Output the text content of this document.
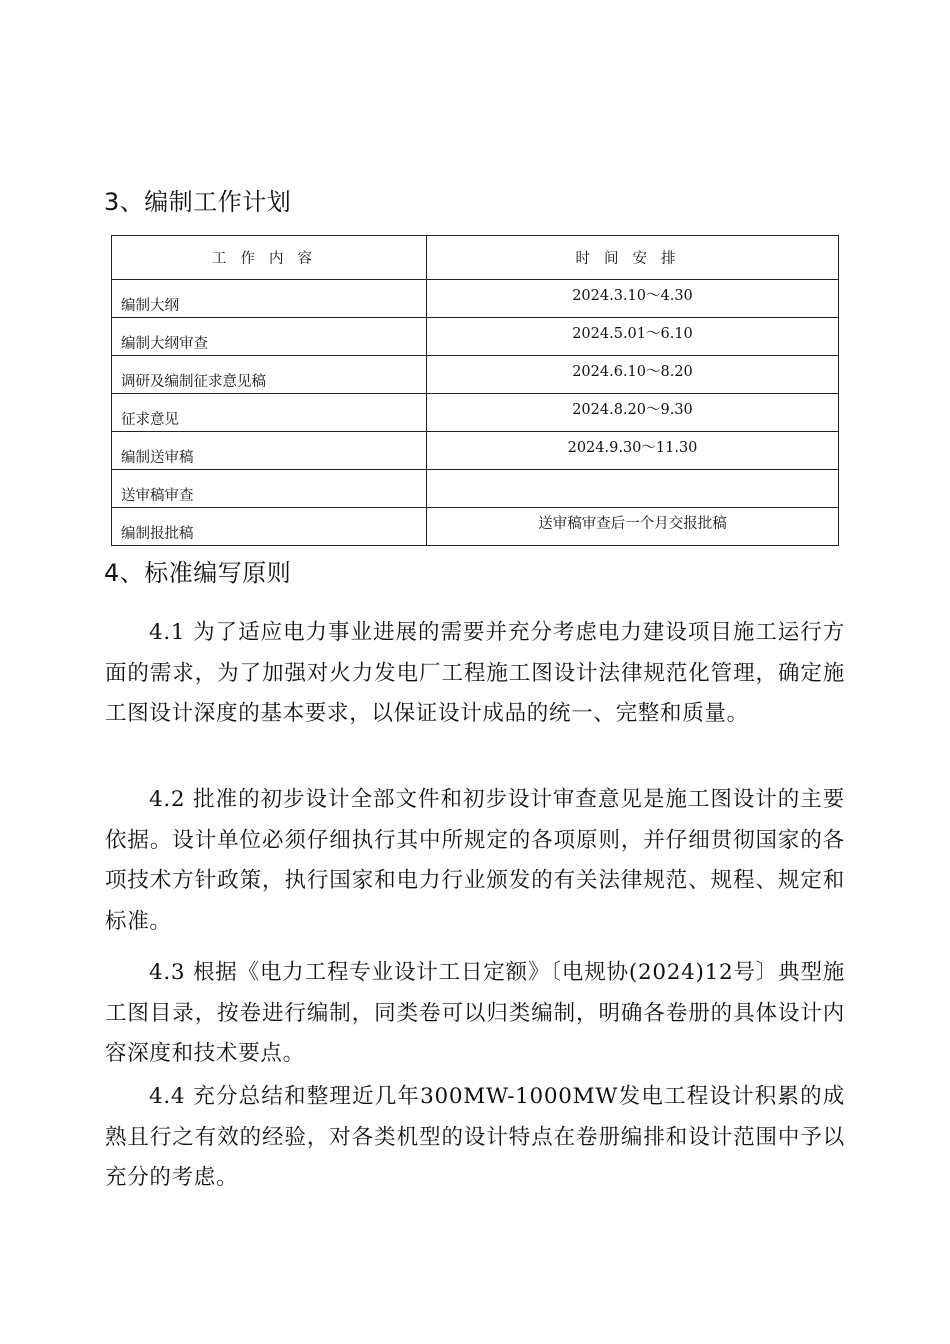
3、编制工作计划
工作内容	时间安排
编制大纲	2024.3.10～4.30
编制大纲审查	2024.5.01～6.10
调研及编制征求意见稿	2024.6.10～8.20
征求意见	2024.8.20～9.30
编制送审稿	2024.9.30～11.30
送审稿审查	
编制报批稿	送审稿审查后一个月交报批稿
4、标准编写原则

4.1 为了适应电力事业进展的需要并充分考虑电力建设项目施工运行方面的需求，为了加强对火力发电厂工程施工图设计法律规范化管理，确定施工图设计深度的基本要求，以保证设计成品的统一、完整和质量。

4.2 批准的初步设计全部文件和初步设计审查意见是施工图设计的主要依据。设计单位必须仔细执行其中所规定的各项原则，并仔细贯彻国家的各项技术方针政策，执行国家和电力行业颁发的有关法律规范、规程、规定和标准。

4.3 根据《电力工程专业设计工日定额》〔电规协(2024)12号〕典型施工图目录，按卷进行编制，同类卷可以归类编制，明确各卷册的具体设计内容深度和技术要点。

4.4 充分总结和整理近几年300MW-1000MW发电工程设计积累的成熟且行之有效的经验，对各类机型的设计特点在卷册编排和设计范围中予以充分的考虑。
